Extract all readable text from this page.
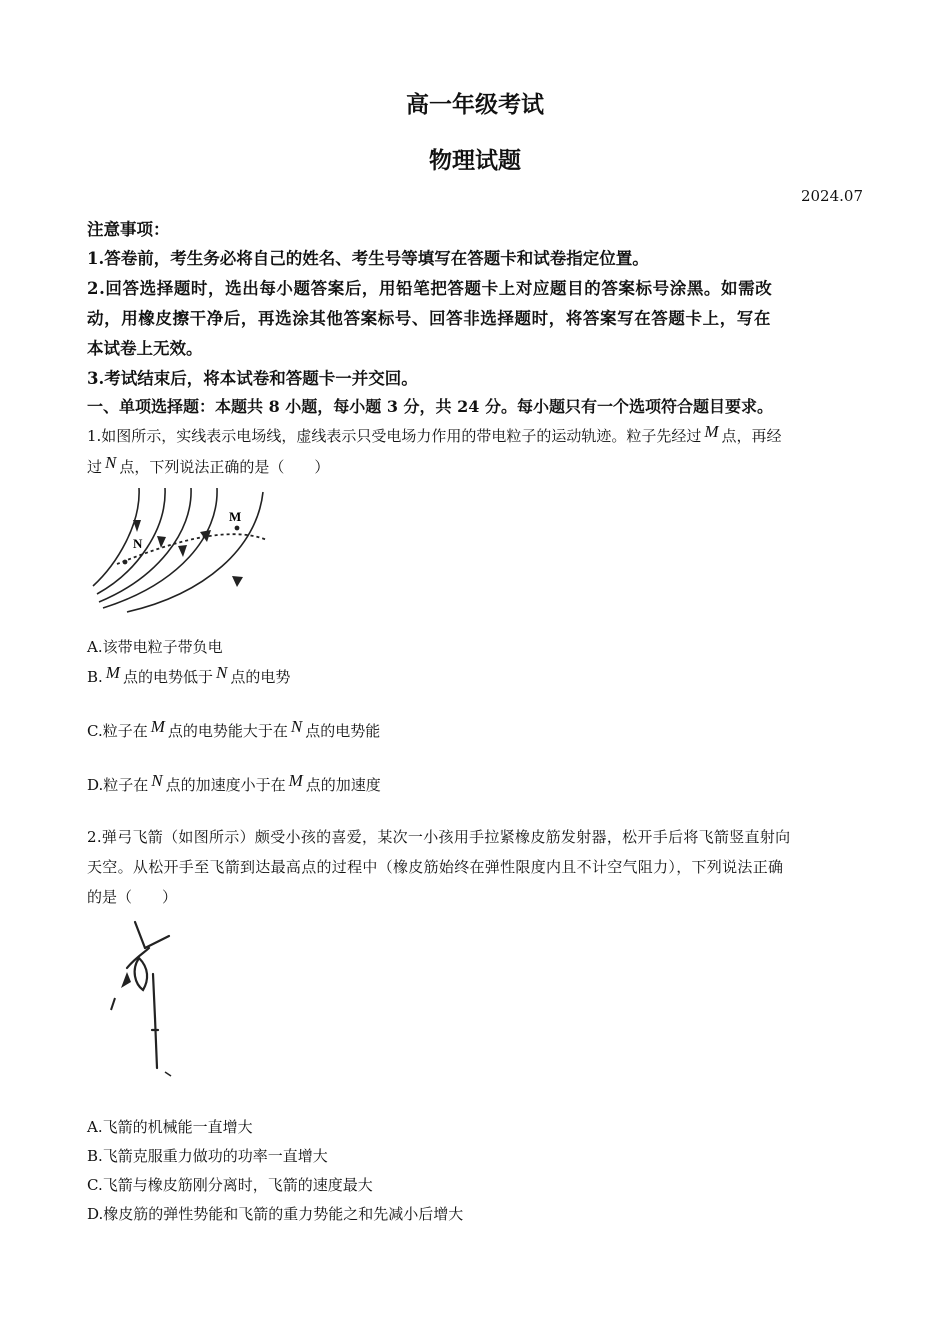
高一年级考试
物理试题
2024.07
注意事项：
1.答卷前，考生务必将自己的姓名、考生号等填写在答题卡和试卷指定位置。
2.回答选择题时，选出每小题答案后，用铅笔把答题卡上对应题目的答案标号涂黑。如需改
动，用橡皮擦干净后，再选涂其他答案标号、回答非选择题时，将答案写在答题卡上，写在
本试卷上无效。
3.考试结束后，将本试卷和答题卡一并交回。
一、单项选择题：本题共 8 小题，每小题 3 分，共 24 分。每小题只有一个选项符合题目要求。
1.如图所示，实线表示电场线，虚线表示只受电场力作用的带电粒子的运动轨迹。粒子先经过 M 点，再经
过 N 点，下列说法正确的是（　　）
M
N
A.该带电粒子带负电
B. M 点的电势低于 N 点的电势
C.粒子在 M 点的电势能大于在 N 点的电势能
D.粒子在 N 点的加速度小于在 M 点的加速度
2.弹弓飞箭（如图所示）颇受小孩的喜爱，某次一小孩用手拉紧橡皮筋发射器，松开手后将飞箭竖直射向
天空。从松开手至飞箭到达最高点的过程中（橡皮筋始终在弹性限度内且不计空气阻力），下列说法正确
的是（　　）
A.飞箭的机械能一直增大
B.飞箭克服重力做功的功率一直增大
C.飞箭与橡皮筋刚分离时，飞箭的速度最大
D.橡皮筋的弹性势能和飞箭的重力势能之和先减小后增大
